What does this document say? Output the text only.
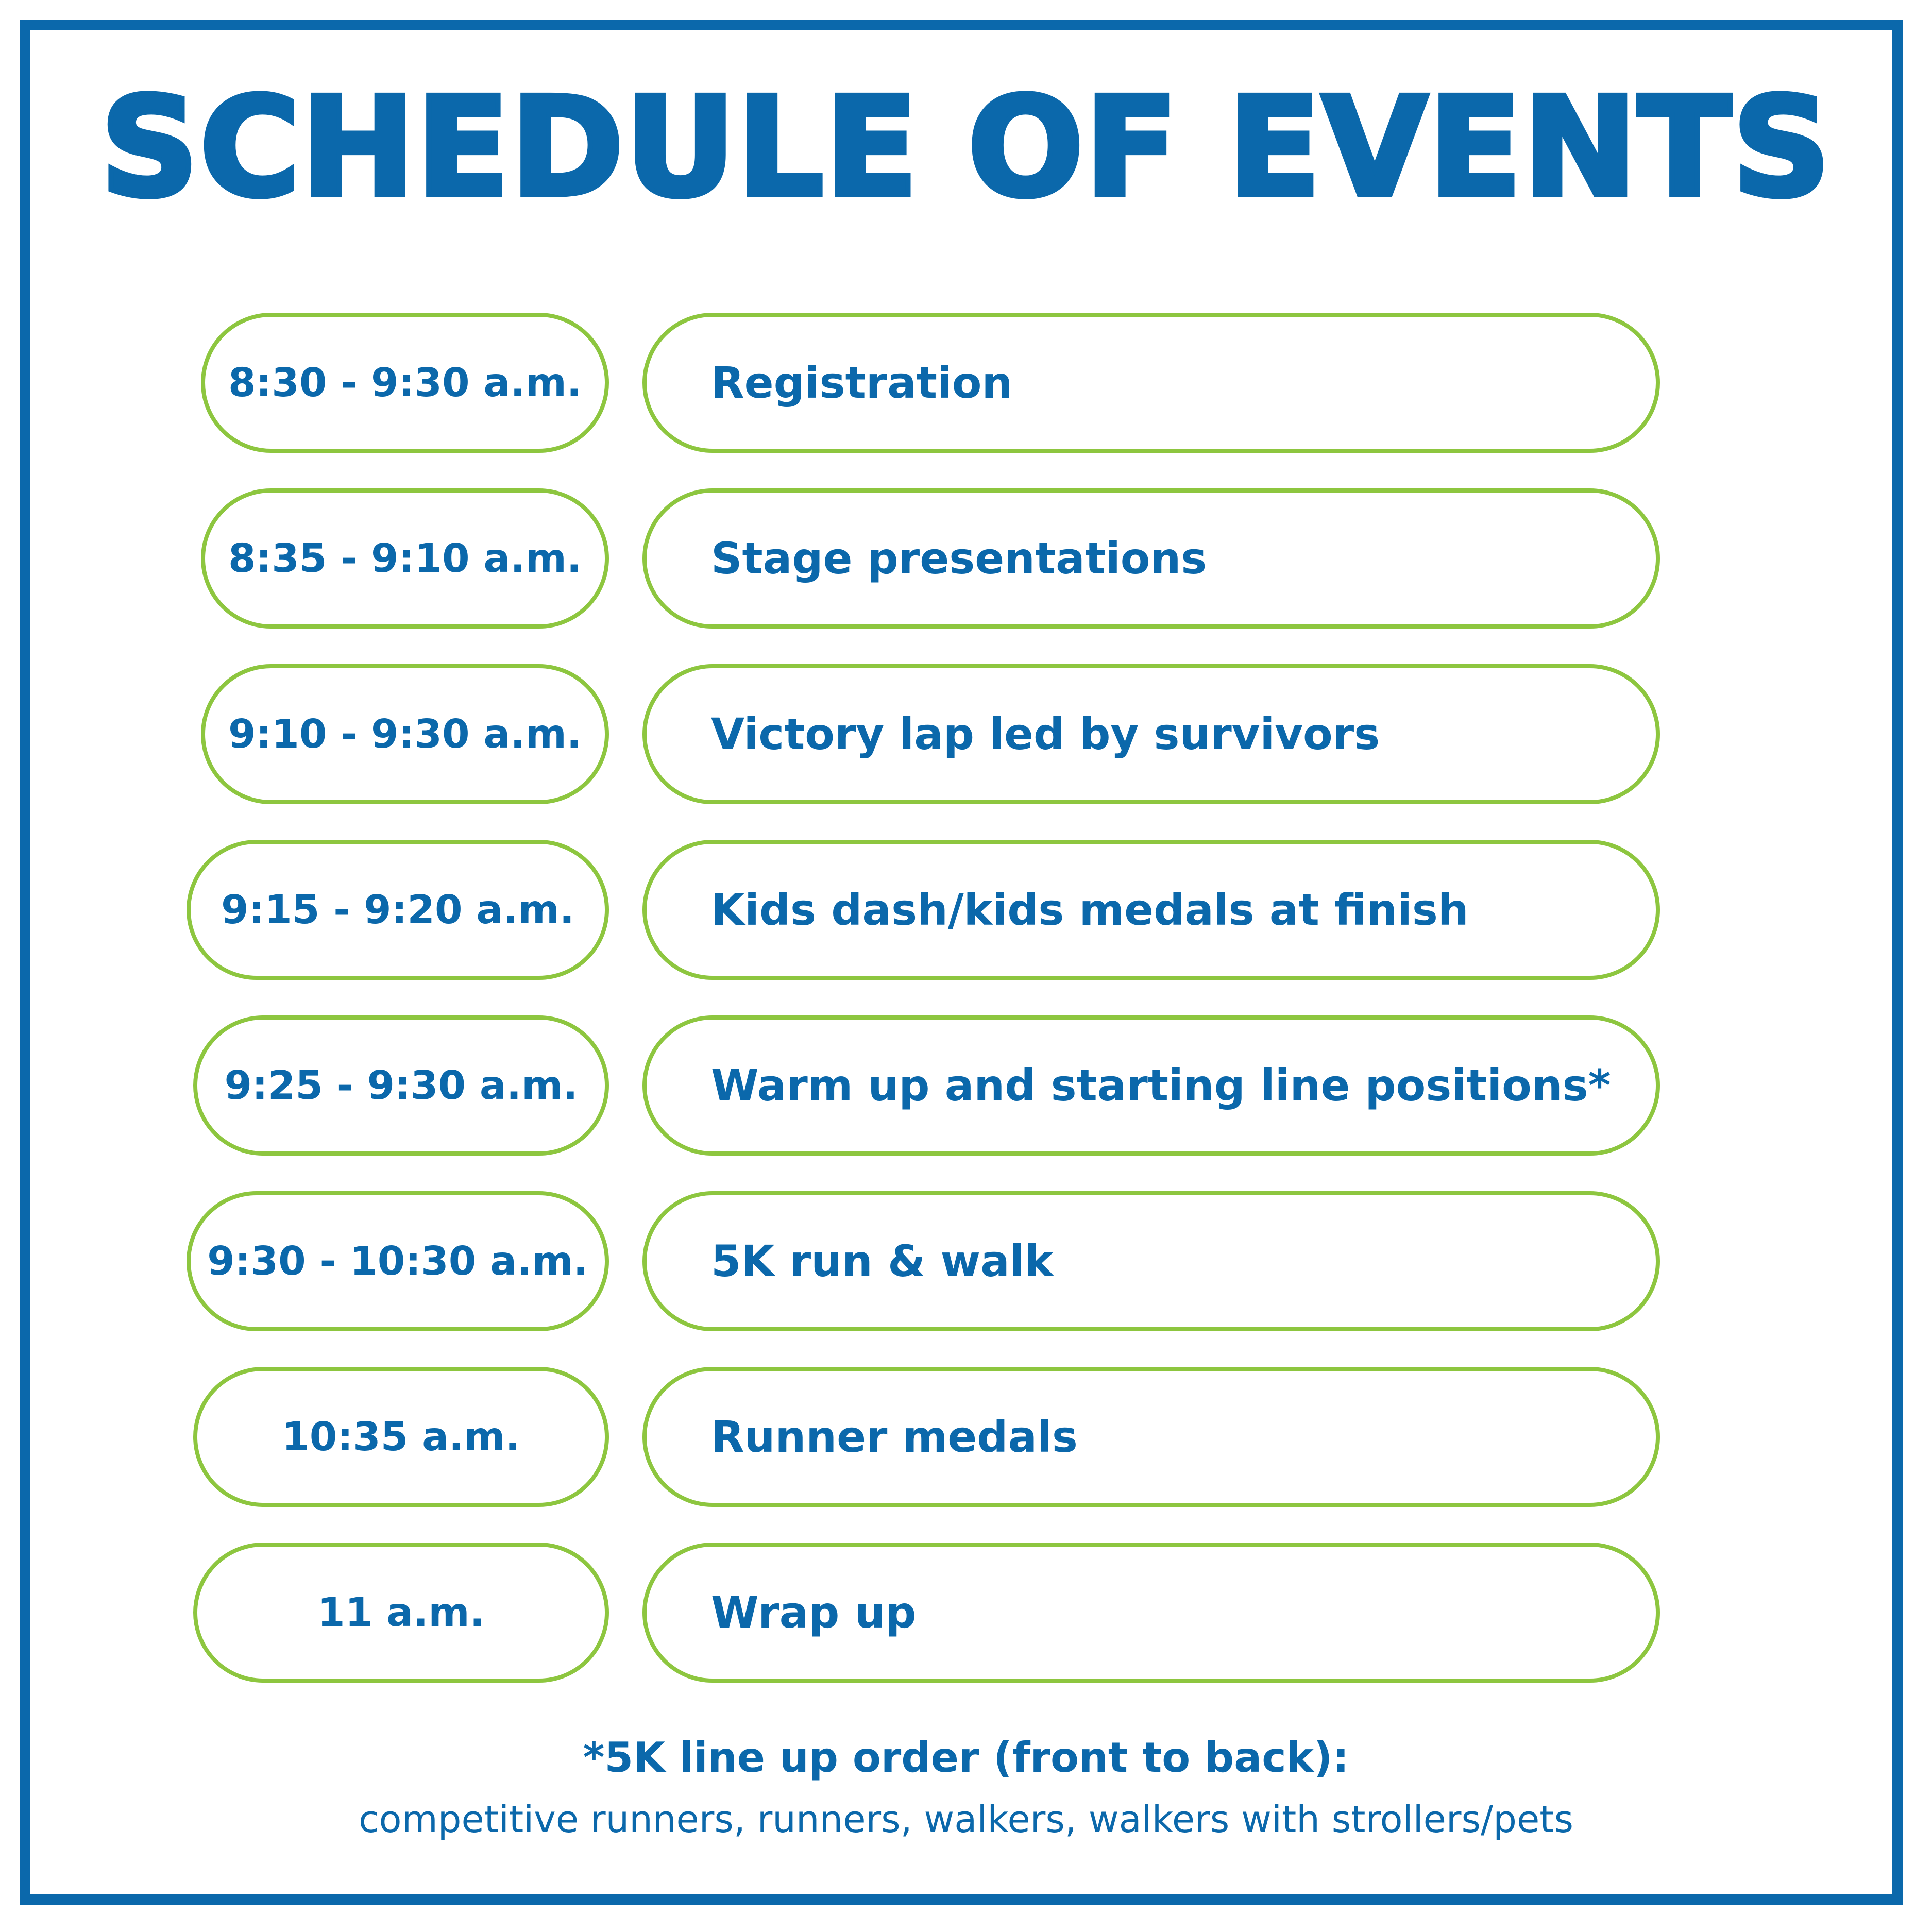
SCHEDULE OF EVENTS
8:30 - 9:30 a.m.	Registration
8:35 - 9:10 a.m.	Stage presentations
9:10 - 9:30 a.m.	Victory lap led by survivors
9:15 - 9:20 a.m.	Kids dash/kids medals at finish
9:25 - 9:30 a.m.	Warm up and starting line positions*
9:30 - 10:30 a.m.	5K run & walk
10:35 a.m.	Runner medals
11 a.m.	Wrap up
*5K line up order (front to back):
competitive runners, runners, walkers, walkers with strollers/pets
